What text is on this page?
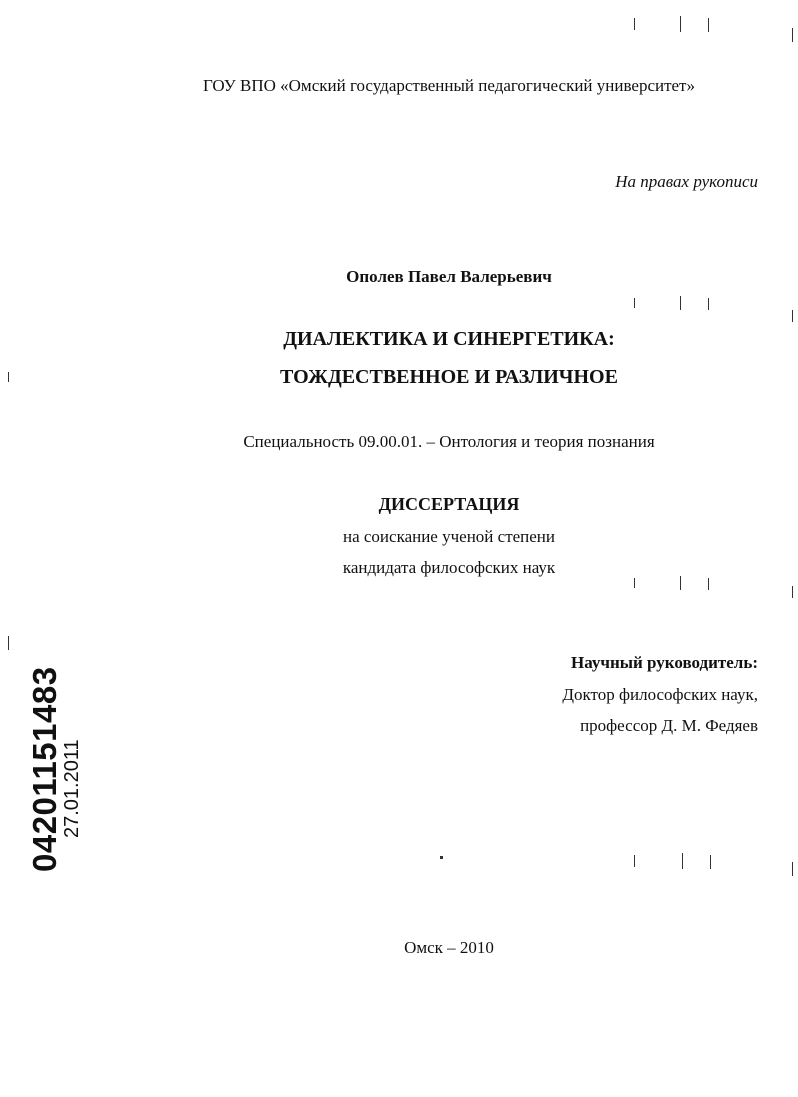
ГОУ ВПО «Омский государственный педагогический университет»
На правах рукописи
Ополев Павел Валерьевич
ДИАЛЕКТИКА И СИНЕРГЕТИКА:
ТОЖДЕСТВЕННОЕ И РАЗЛИЧНОЕ
Специальность 09.00.01. – Онтология и теория познания
ДИССЕРТАЦИЯ
на соискание ученой степени
кандидата философских наук
Научный руководитель:
Доктор философских наук,
профессор Д. М. Федяев
Омск – 2010
04201151483
27.01.2011
